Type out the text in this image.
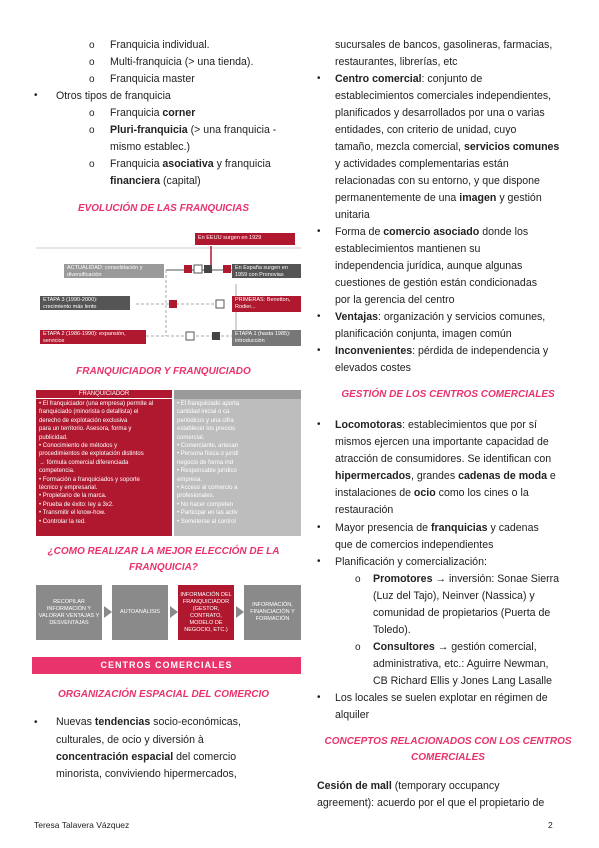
o Franquicia individual.
o Multi-franquicia (> una tienda).
o Franquicia master
• Otros tipos de franquicia
o Franquicia corner
o Pluri-franquicia (> una franquicia -
mismo establec.)
o Franquicia asociativa y franquicia
financiera (capital)
EVOLUCIÓN DE LAS FRANQUICIAS
En EEUU surgen en 1929
ACTUALIDAD: consolidación y diversificación
En España surgen en 1959 con Pronovias
ETAPA 3 (1990-2000): crecimiento más lento
PRIMERAS: Benetton, Rodier...
ETAPA 2 (1986-1990): expansión, servicios
ETAPA 1 (hasta 1985): introducción
FRANQUICIADOR Y FRANQUICIADO
FRANQUICIADOR
• El franquiciador (una empresa) permite al
franquiciado (minorista o detallista) el
derecho de explotación exclusiva
para un territorio. Asesora, forma y
publicidad.
• Conocimiento de métodos y
procedimientos de explotación distintos
→ fórmula comercial diferenciada
competencia.
• Formación a franquiciados y soporte
técnico y empresarial.
• Propietario de la marca.
• Prueba de éxito: ley a 3x2.
• Transmitir el know-how.
• Controlar la red.
• El franquiciado aporta
cantidad inicial o ca
periódicos y una cifra
establecer los precios
comercial.
• Comerciante, artesan
• Persona física o jurídi
negocio de forma ind
• Responsable jurídico
empresa.
• Acceso al comercio a
profesionales.
• No hacer competen
• Participar en las activ
• Someterse al control
¿COMO REALIZAR LA MEJOR ELECCIÓN DE LA
FRANQUICIA?
RECOPILAR INFORMACIÓN Y VALORAR VENTAJAS Y DESVENTAJAS
AUTOANÁLISIS
INFORMACIÓN DEL FRANQUICIADOR (GESTOR, CONTRATO, MODELO DE NEGOCIO, ETC.)
INFORMACIÓN, FINANCIACIÓN Y FORMACIÓN
CENTROS COMERCIALES
ORGANIZACIÓN ESPACIAL DEL COMERCIO
• Nuevas tendencias socio-económicas,
culturales, de ocio y diversión à
concentración espacial del comercio
minorista, conviviendo hipermercados,
sucursales de bancos, gasolineras, farmacias,
restaurantes, librerías, etc
• Centro comercial: conjunto de
establecimientos comerciales independientes,
planificados y desarrollados por una o varias
entidades, con criterio de unidad, cuyo
tamaño, mezcla comercial, servicios comunes
y actividades complementarias están
relacionadas con su entorno, y que dispone
permanentemente de una imagen y gestión
unitaria
• Forma de comercio asociado donde los
establecimientos mantienen su
independencia jurídica, aunque algunas
cuestiones de gestión están condicionadas
por la gerencia del centro
• Ventajas: organización y servicios comunes,
planificación conjunta, imagen común
• Inconvenientes: pérdida de independencia y
elevados costes
GESTIÓN DE LOS CENTROS COMERCIALES
• Locomotoras: establecimientos que por sí
mismos ejercen una importante capacidad de
atracción de consumidores. Se identifican con
hipermercados, grandes cadenas de moda e
instalaciones de ocio como los cines o la
restauración
• Mayor presencia de franquicias y cadenas
que de comercios independientes
• Planificación y comercialización:
o Promotores → inversión: Sonae Sierra
(Luz del Tajo), Neinver (Nassica) y
comunidad de propietarios (Puerta de
Toledo).
o Consultores → gestión comercial,
administrativa, etc.: Aguirre Newman,
CB Richard Ellis y Jones Lang Lasalle
• Los locales se suelen explotar en régimen de
alquiler
CONCEPTOS RELACIONADOS CON LOS CENTROS
COMERCIALES
Cesión de mall (temporary occupancy
agreement): acuerdo por el que el propietario de
Teresa Talavera Vázquez	2
